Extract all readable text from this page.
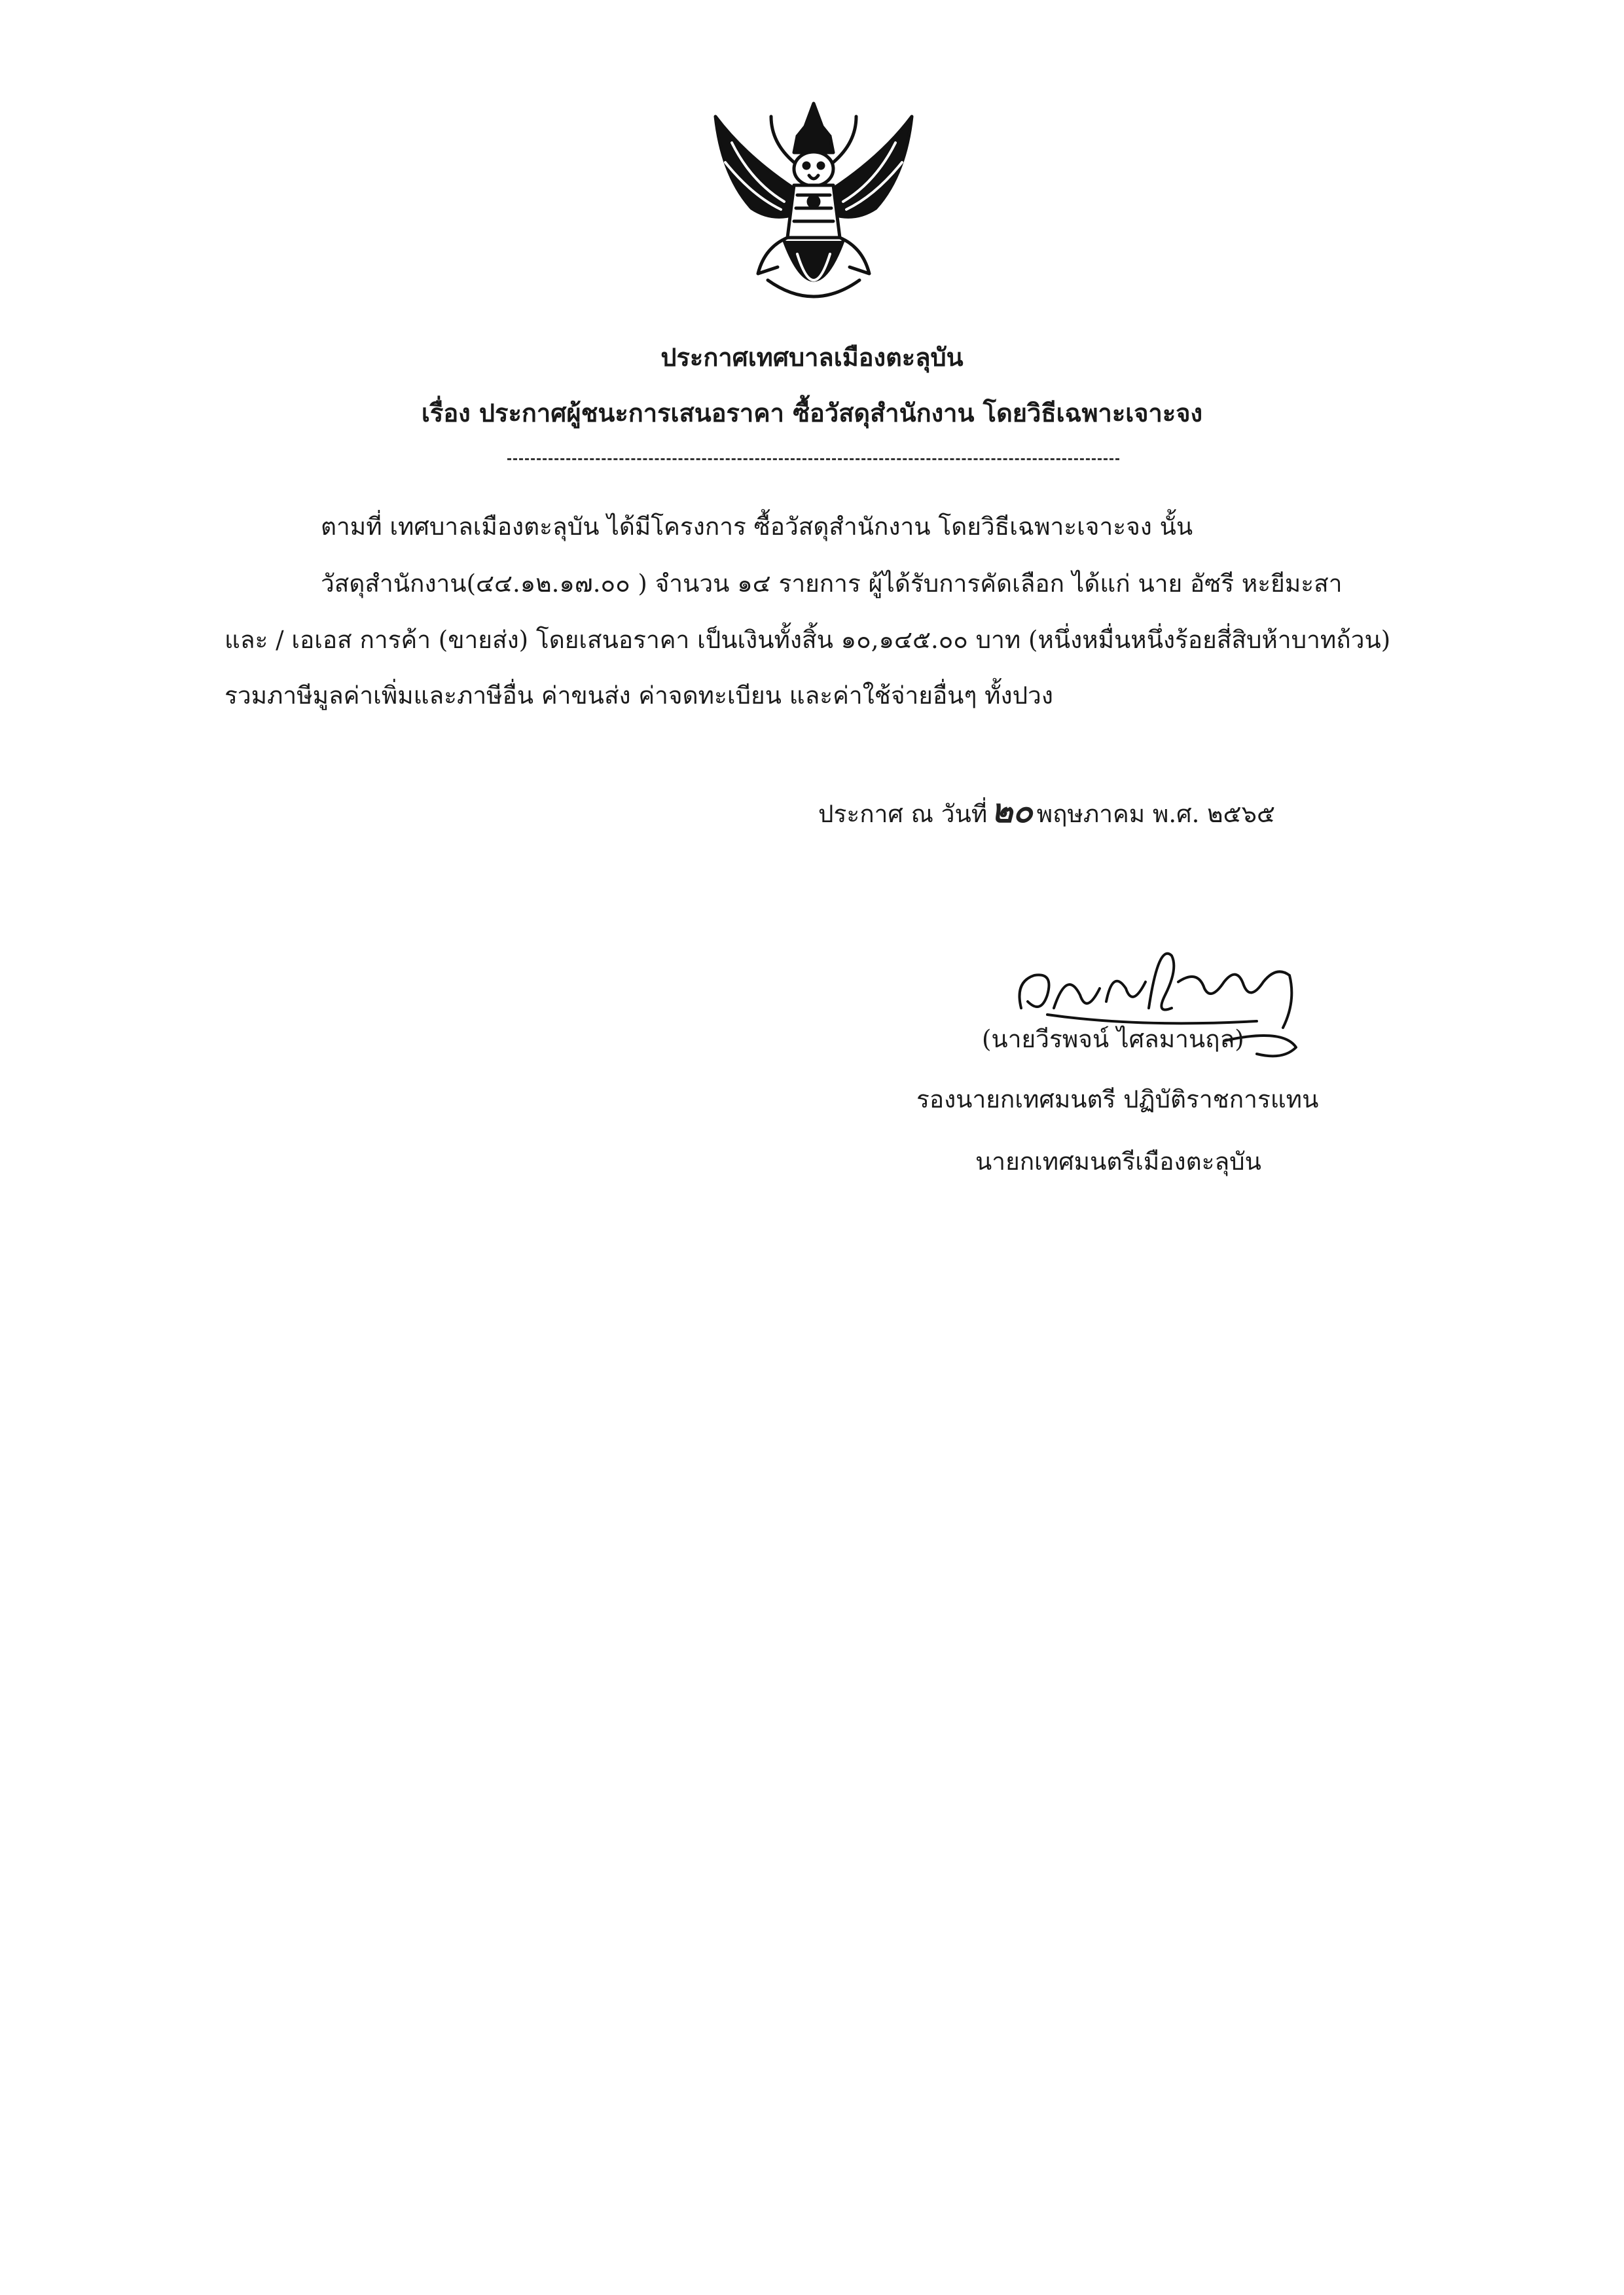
ประกาศเทศบาลเมืองตะลุบัน
เรื่อง ประกาศผู้ชนะการเสนอราคา ซื้อวัสดุสำนักงาน โดยวิธีเฉพาะเจาะจง
ตามที่ เทศบาลเมืองตะลุบัน ได้มีโครงการ ซื้อวัสดุสำนักงาน โดยวิธีเฉพาะเจาะจง นั้น
วัสดุสำนักงาน(๔๔.๑๒.๑๗.๐๐ ) จำนวน ๑๔ รายการ ผู้ได้รับการคัดเลือก ได้แก่ นาย อัซรี หะยีมะสา
และ / เอเอส การค้า (ขายส่ง) โดยเสนอราคา เป็นเงินทั้งสิ้น ๑๐,๑๔๕.๐๐ บาท (หนึ่งหมื่นหนึ่งร้อยสี่สิบห้าบาทถ้วน)
รวมภาษีมูลค่าเพิ่มและภาษีอื่น ค่าขนส่ง ค่าจดทะเบียน และค่าใช้จ่ายอื่นๆ ทั้งปวง
ประกาศ ณ วันที่ ๒๐ พฤษภาคม พ.ศ. ๒๕๖๕
(นายวีรพจน์ ไศลมานฤล)
รองนายกเทศมนตรี ปฏิบัติราชการแทน
นายกเทศมนตรีเมืองตะลุบัน
